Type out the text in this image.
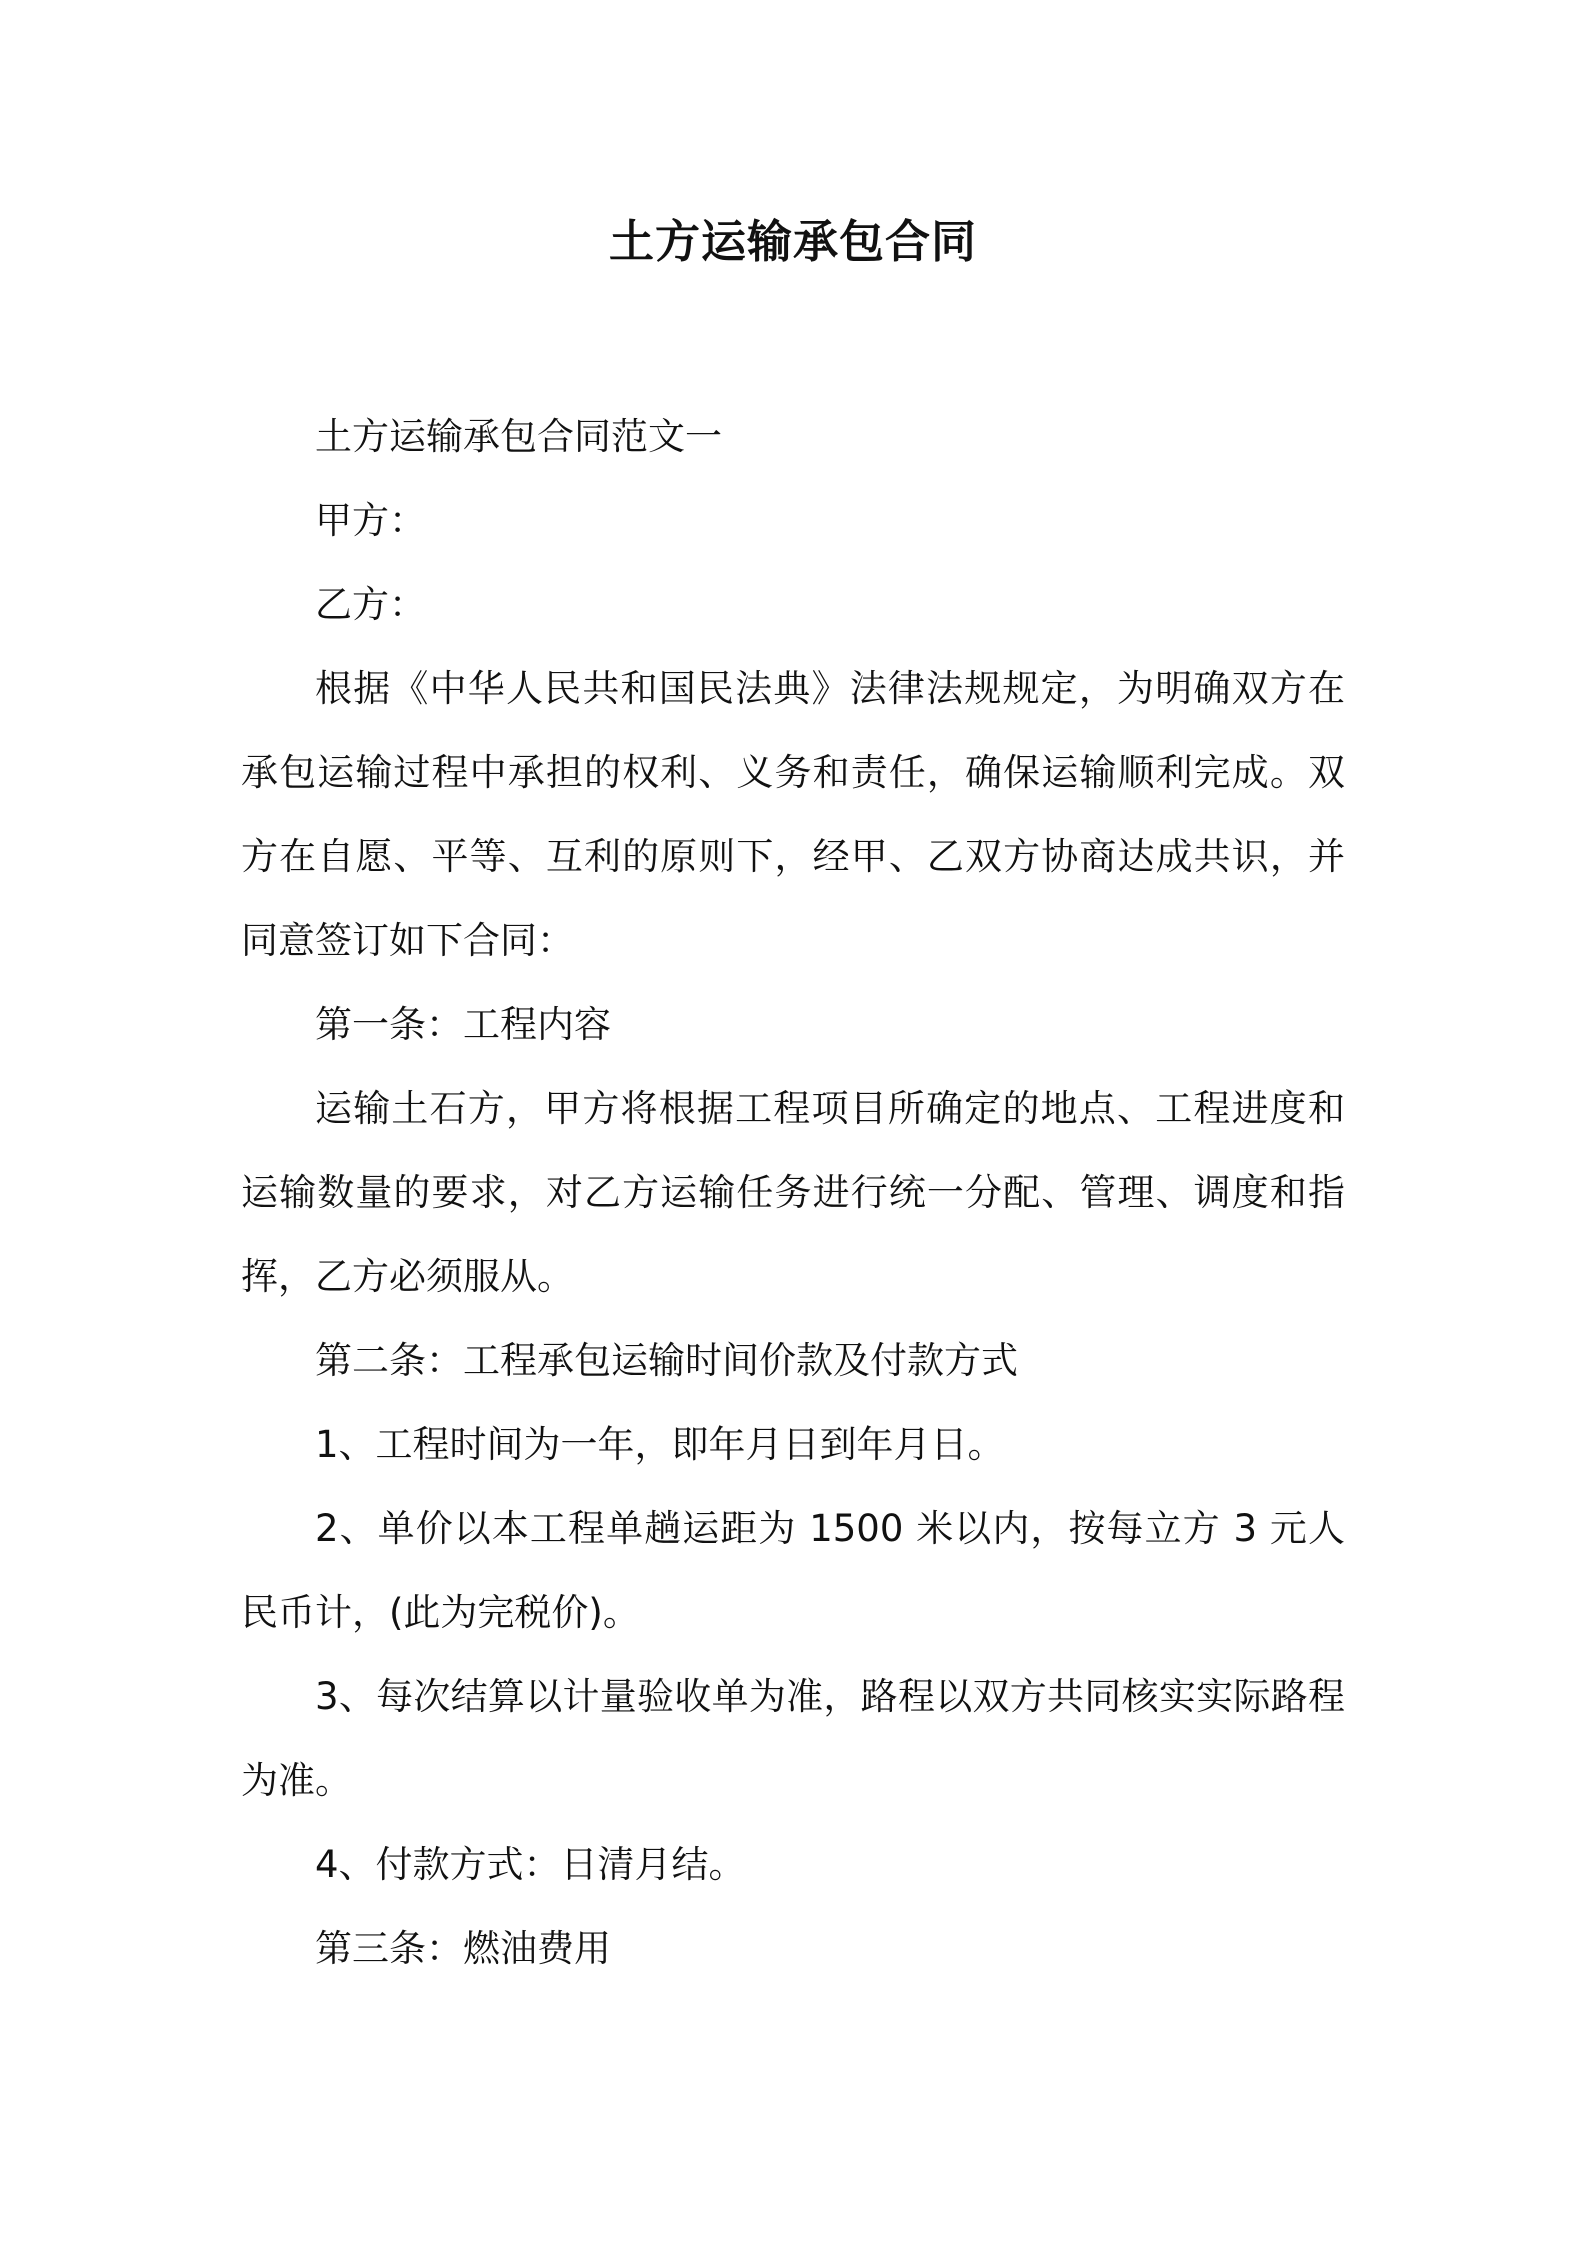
土方运输承包合同

土方运输承包合同范文一

甲方：

乙方：

根据《中华人民共和国民法典》法律法规规定，为明确双方在承包运输过程中承担的权利、义务和责任，确保运输顺利完成。双方在自愿、平等、互利的原则下，经甲、乙双方协商达成共识，并同意签订如下合同：

第一条：工程内容

运输土石方，甲方将根据工程项目所确定的地点、工程进度和运输数量的要求，对乙方运输任务进行统一分配、管理、调度和指挥，乙方必须服从。

第二条：工程承包运输时间价款及付款方式

1、工程时间为一年，即年月日到年月日。

2、单价以本工程单趟运距为 1500 米以内，按每立方 3 元人民币计，(此为完税价)。

3、每次结算以计量验收单为准，路程以双方共同核实实际路程为准。

4、付款方式：日清月结。

第三条：燃油费用
